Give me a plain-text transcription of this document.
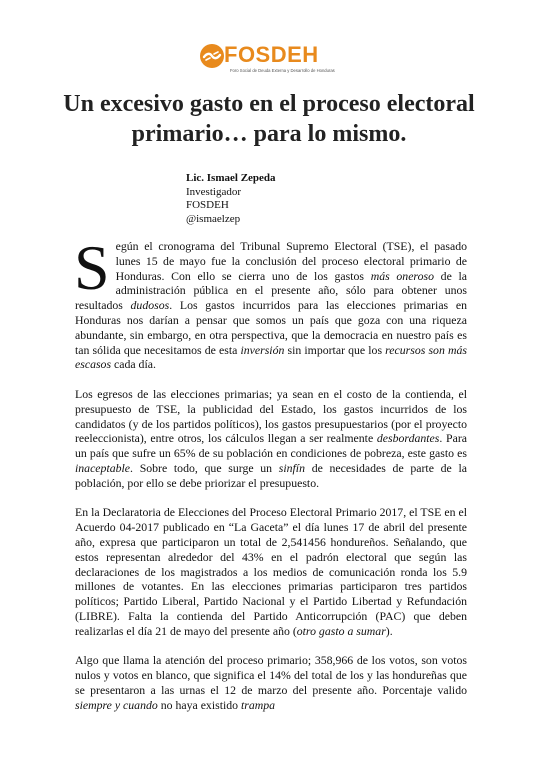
FOSDEH
Foro Social de Deuda Externa y Desarrollo de Honduras
Un excesivo gasto en el proceso electoral primario… para lo mismo.
Lic. Ismael Zepeda
Investigador
FOSDEH
@ismaelzep

Según el cronograma del Tribunal Supremo Electoral (TSE), el pasado lunes 15 de mayo fue la conclusión del proceso electoral primario de Honduras. Con ello se cierra uno de los gastos más oneroso de la administración pública en el presente año, sólo para obtener unos resultados dudosos. Los gastos incurridos para las elecciones primarias en Honduras nos darían a pensar que somos un país que goza con una riqueza abundante, sin embargo, en otra perspectiva, que la democracia en nuestro país es tan sólida que necesitamos de esta inversión sin importar que los recursos son más escasos cada día.

Los egresos de las elecciones primarias; ya sean en el costo de la contienda, el presupuesto de TSE, la publicidad del Estado, los gastos incurridos de los candidatos (y de los partidos políticos), los gastos presupuestarios (por el proyecto reeleccionista), entre otros, los cálculos llegan a ser realmente desbordantes. Para un país que sufre un 65% de su población en condiciones de pobreza, este gasto es inaceptable. Sobre todo, que surge un sinfín de necesidades de parte de la población, por ello se debe priorizar el presupuesto.

En la Declaratoria de Elecciones del Proceso Electoral Primario 2017, el TSE en el Acuerdo 04-2017 publicado en “La Gaceta” el día lunes 17 de abril del presente año, expresa que participaron un total de 2,541456 hondureños. Señalando, que estos representan alrededor del 43% en el padrón electoral que según las declaraciones de los magistrados a los medios de comunicación ronda los 5.9 millones de votantes. En las elecciones primarias participaron tres partidos políticos; Partido Liberal, Partido Nacional y el Partido Libertad y Refundación (LIBRE). Falta la contienda del Partido Anticorrupción (PAC) que deben realizarlas el día 21 de mayo del presente año (otro gasto a sumar).

Algo que llama la atención del proceso primario; 358,966 de los votos, son votos nulos y votos en blanco, que significa el 14% del total de los y las hondureñas que se presentaron a las urnas el 12 de marzo del presente año. Porcentaje valido siempre y cuando no haya existido trampa
